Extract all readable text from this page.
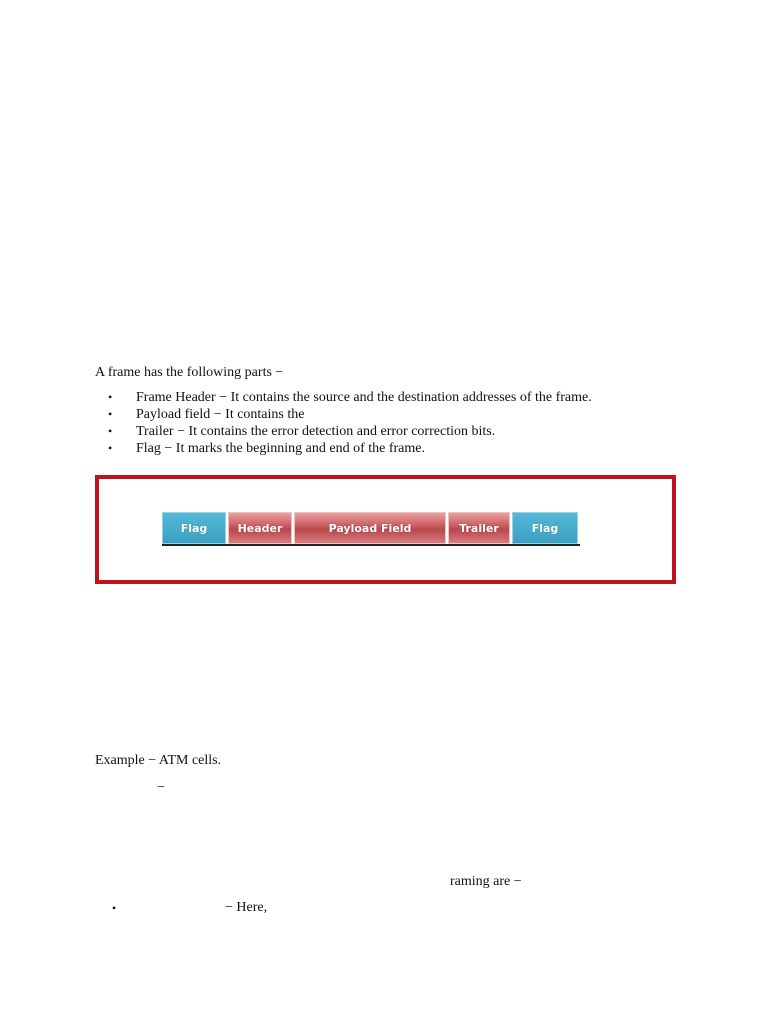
A frame has the following parts −
• Frame Header − It contains the source and the destination addresses of the frame.
• Payload field − It contains the
• Trailer − It contains the error detection and error correction bits.
• Flag − It marks the beginning and end of the frame.
Flag	Header	Payload Field	Trailer	Flag
Example − ATM cells.
−
raming are −
•	− Here,
